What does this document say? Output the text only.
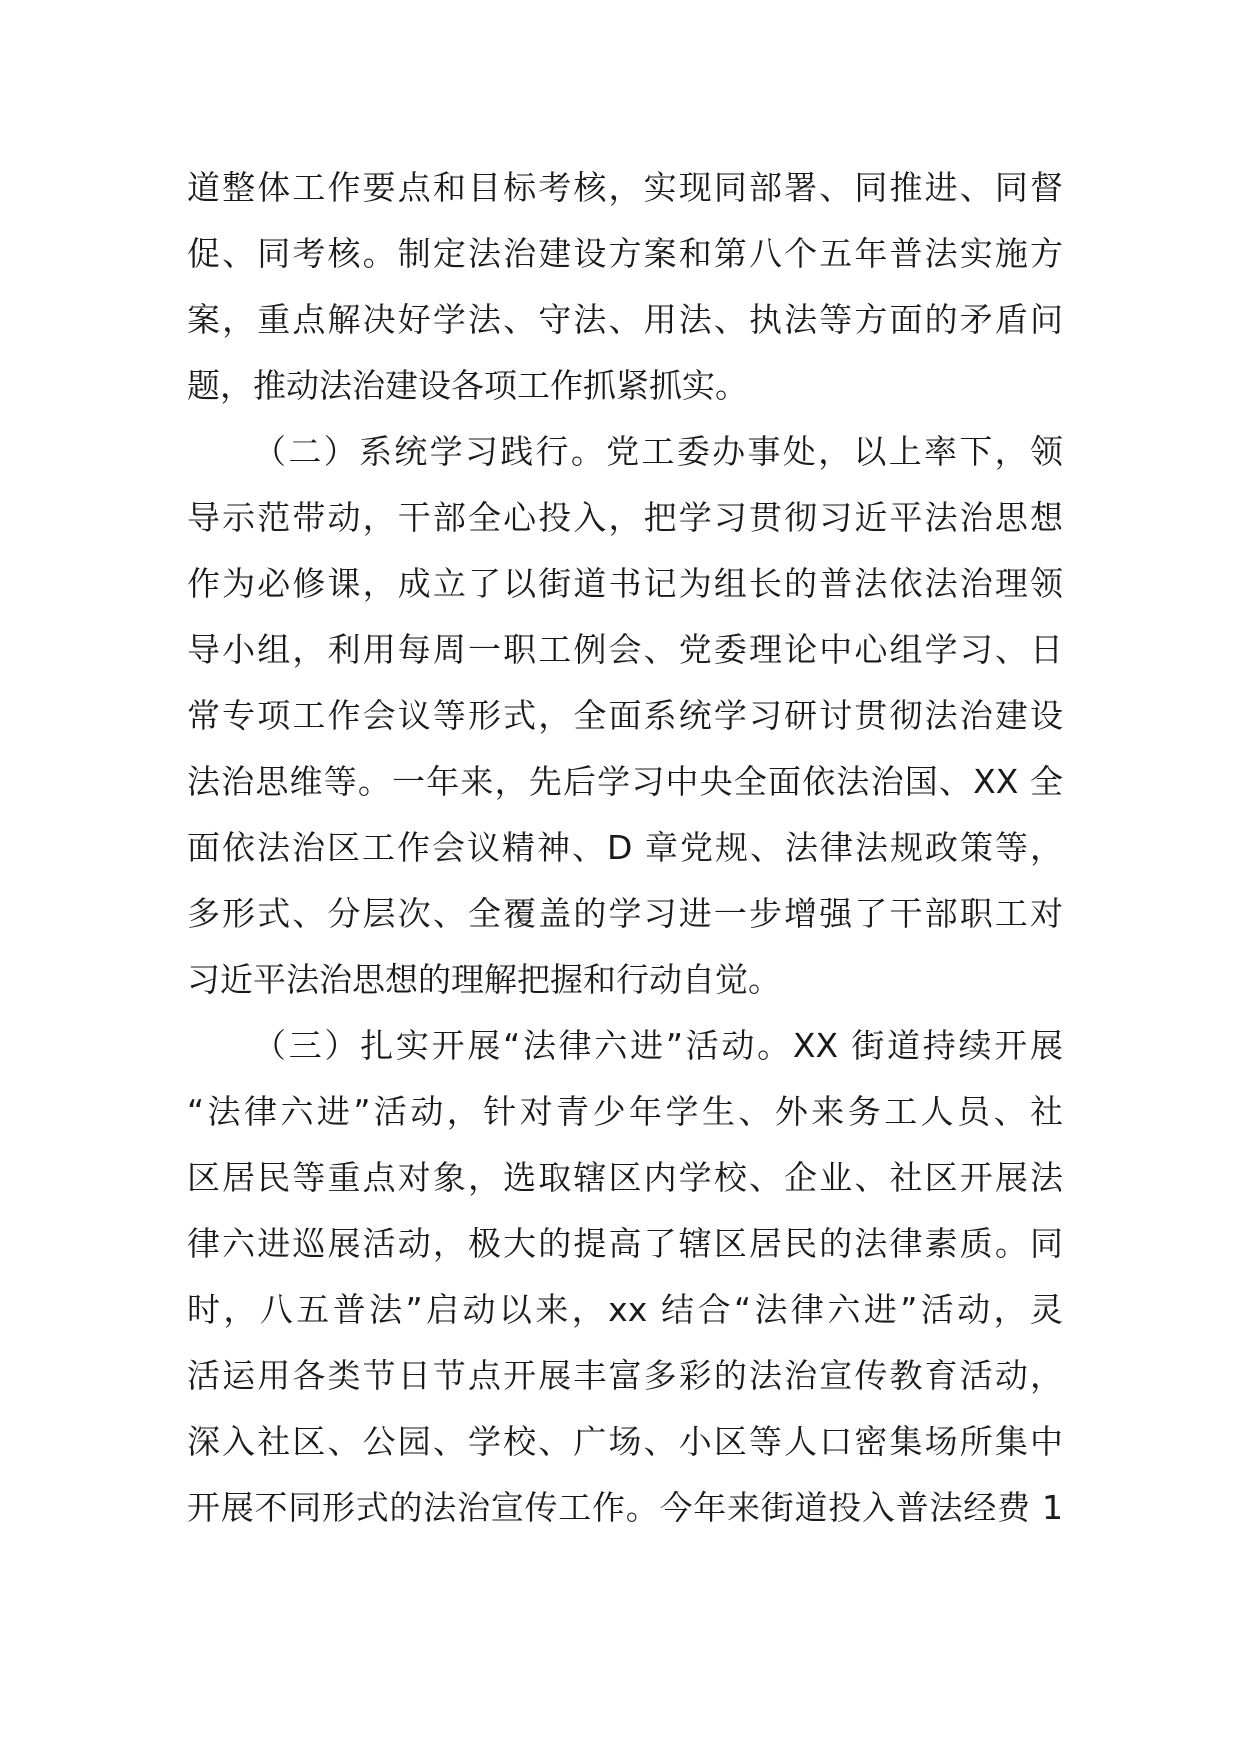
道整体工作要点和目标考核，实现同部署、同推进、同督
促、同考核。制定法治建设方案和第八个五年普法实施方
案，重点解决好学法、守法、用法、执法等方面的矛盾问
题，推动法治建设各项工作抓紧抓实。
（二）系统学习践行。党工委办事处，以上率下，领
导示范带动，干部全心投入，把学习贯彻习近平法治思想
作为必修课，成立了以街道书记为组长的普法依法治理领
导小组，利用每周一职工例会、党委理论中心组学习、日
常专项工作会议等形式，全面系统学习研讨贯彻法治建设
法治思维等。一年来，先后学习中央全面依法治国、XX 全
面依法治区工作会议精神、D 章党规、法律法规政策等，
多形式、分层次、全覆盖的学习进一步增强了干部职工对
习近平法治思想的理解把握和行动自觉。
（三）扎实开展“法律六进”活动。XX 街道持续开展
“法律六进”活动，针对青少年学生、外来务工人员、社
区居民等重点对象，选取辖区内学校、企业、社区开展法
律六进巡展活动，极大的提高了辖区居民的法律素质。同
时，八五普法”启动以来，xx 结合“法律六进”活动，灵
活运用各类节日节点开展丰富多彩的法治宣传教育活动，
深入社区、公园、学校、广场、小区等人口密集场所集中
开展不同形式的法治宣传工作。今年来街道投入普法经费 1
